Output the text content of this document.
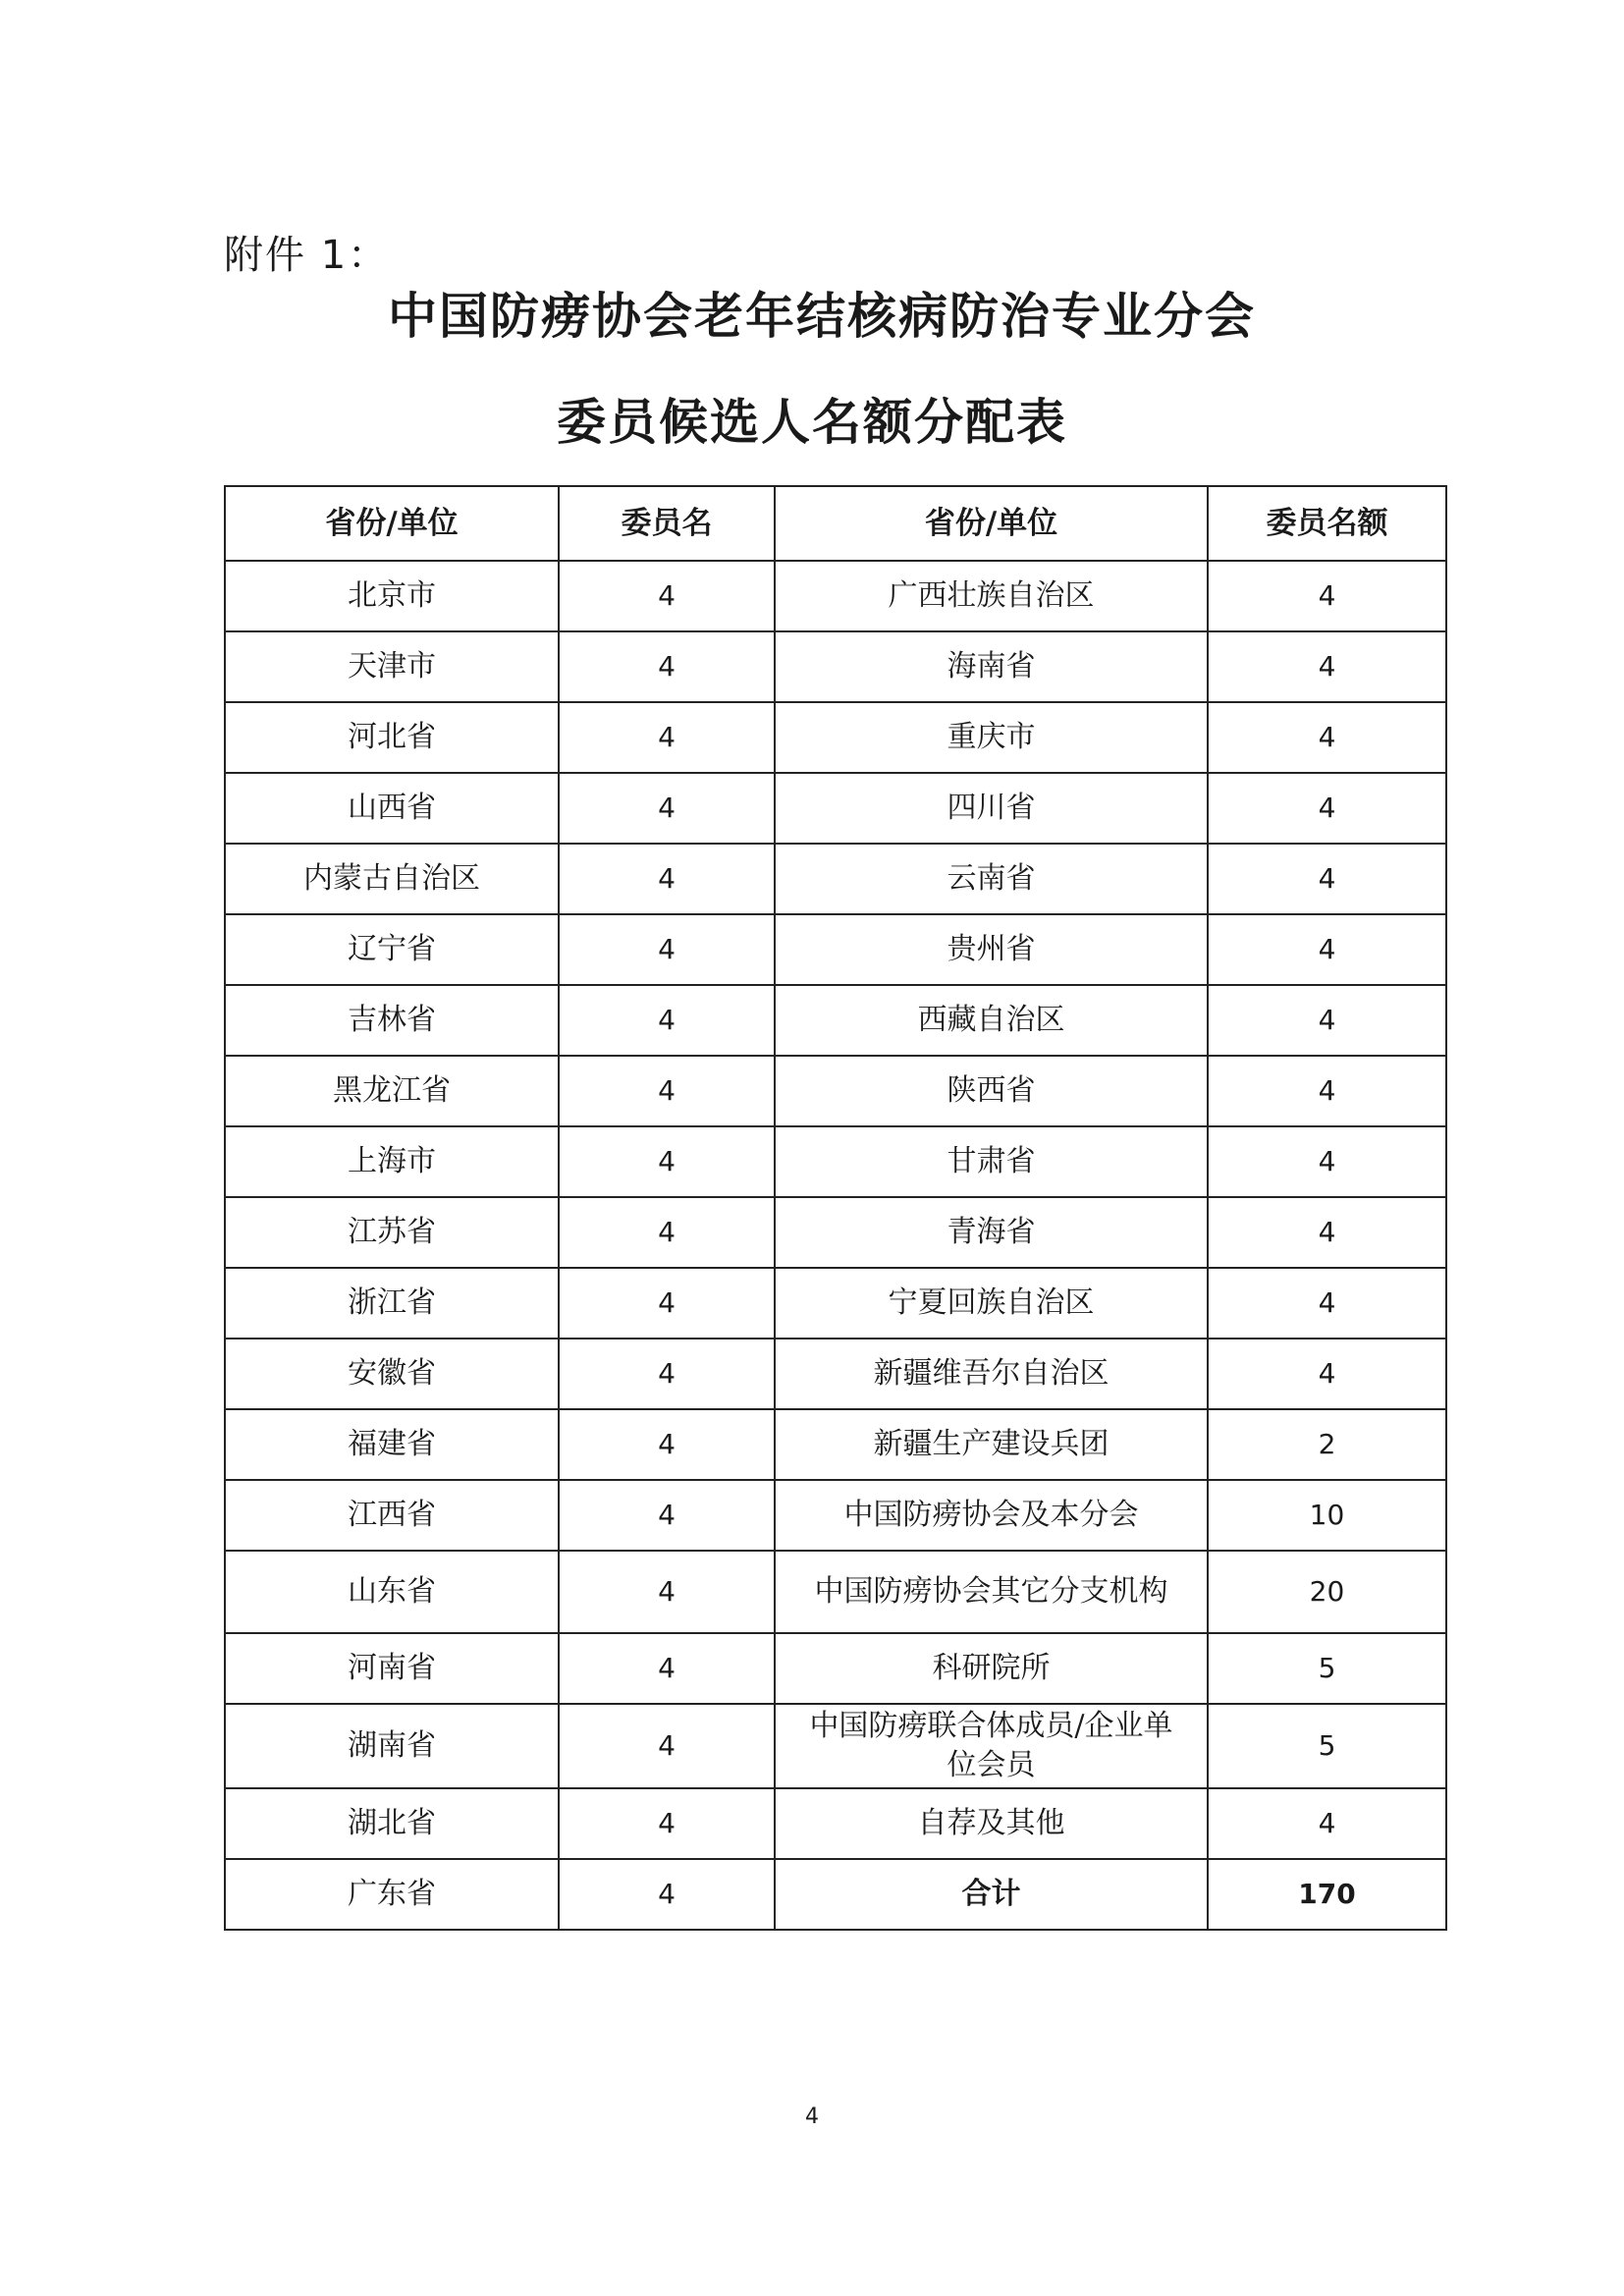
附件 1：
中国防痨协会老年结核病防治专业分会
委员候选人名额分配表
省份/单位	委员名	省份/单位	委员名额
北京市	4	广西壮族自治区	4
天津市	4	海南省	4
河北省	4	重庆市	4
山西省	4	四川省	4
内蒙古自治区	4	云南省	4
辽宁省	4	贵州省	4
吉林省	4	西藏自治区	4
黑龙江省	4	陕西省	4
上海市	4	甘肃省	4
江苏省	4	青海省	4
浙江省	4	宁夏回族自治区	4
安徽省	4	新疆维吾尔自治区	4
福建省	4	新疆生产建设兵团	2
江西省	4	中国防痨协会及本分会	10
山东省	4	中国防痨协会其它分支机构	20
河南省	4	科研院所	5
湖南省	4	中国防痨联合体成员/企业单位会员	5
湖北省	4	自荐及其他	4
广东省	4	合计	170
4
